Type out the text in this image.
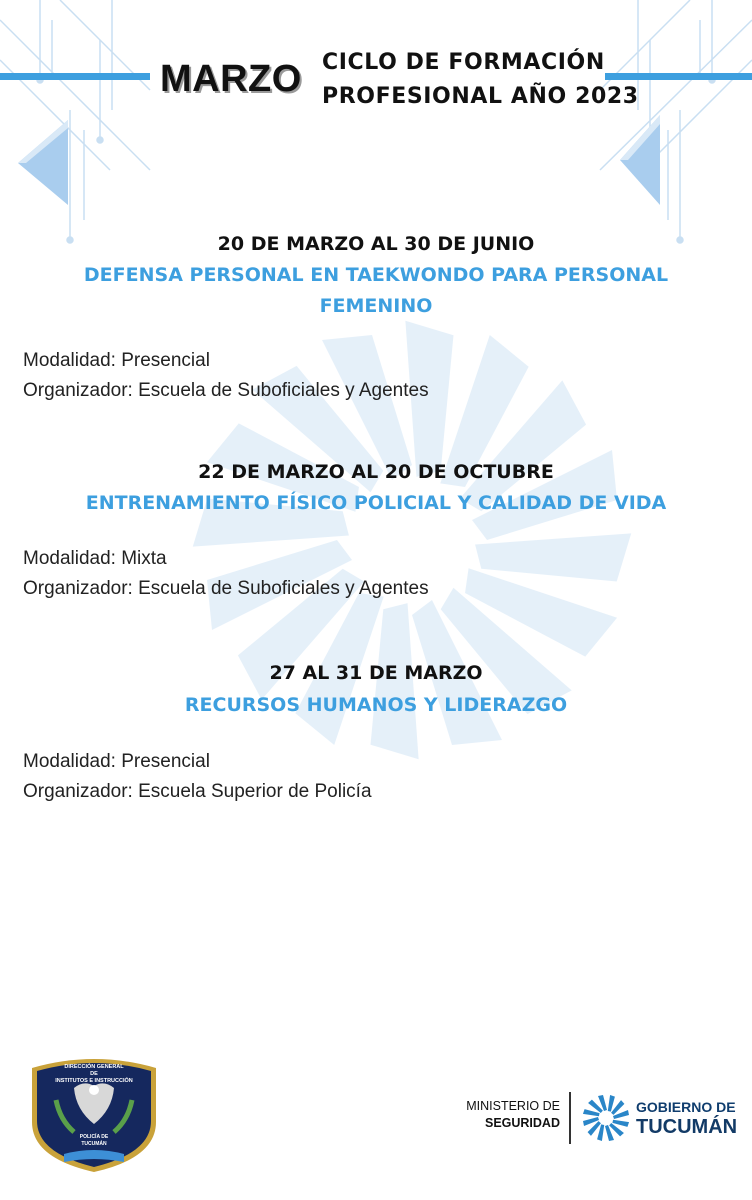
MARZO CICLO DE FORMACIÓN
PROFESIONAL AÑO 2023
20 DE MARZO AL 30 DE JUNIO
DEFENSA PERSONAL EN TAEKWONDO PARA PERSONAL
FEMENINO
Modalidad: Presencial
Organizador: Escuela de Suboficiales y Agentes
22 DE MARZO AL 20 DE OCTUBRE
ENTRENAMIENTO FÍSICO POLICIAL Y CALIDAD DE VIDA
Modalidad: Mixta
Organizador: Escuela de Suboficiales y Agentes
27 AL 31 DE MARZO
RECURSOS HUMANOS Y LIDERAZGO
Modalidad: Presencial
Organizador: Escuela Superior de Policía
DIRECCIÓN GENERAL
DE
INSTITUTOS E INSTRUCCIÓN
POLICÍA DE
TUCUMÁN
MINISTERIO DE
SEGURIDAD
GOBIERNO DE
TUCUMÁN
